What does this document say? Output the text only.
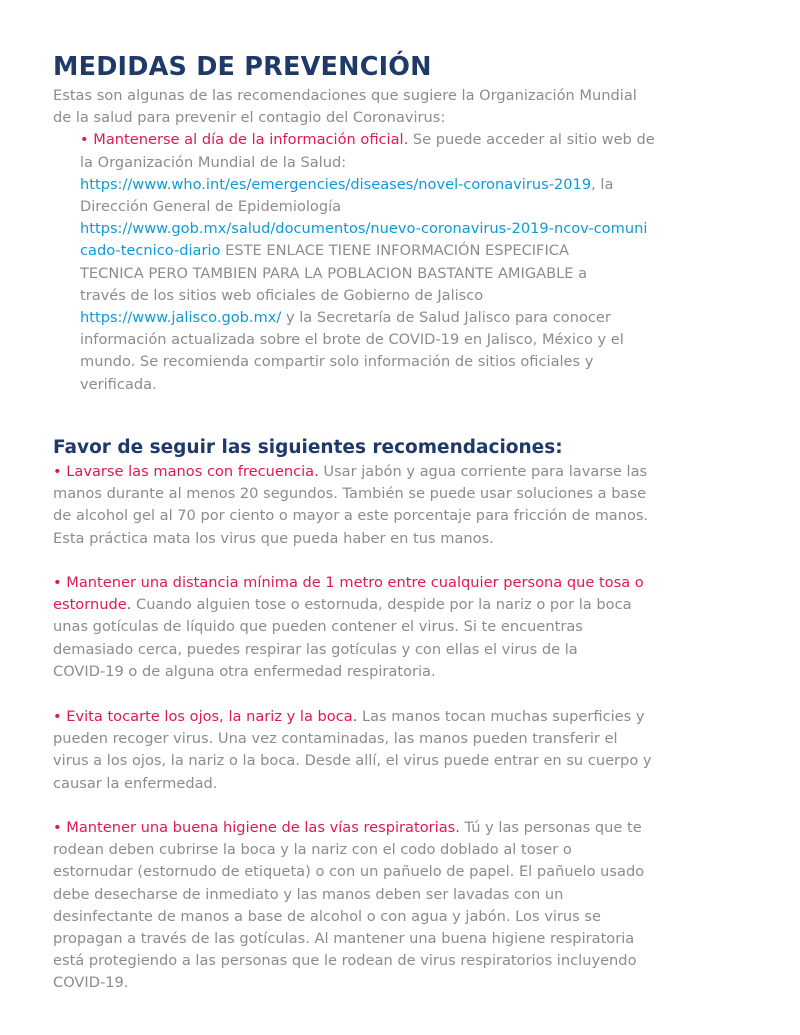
MEDIDAS DE PREVENCIÓN
Estas son algunas de las recomendaciones que sugiere la Organización Mundial
de la salud para prevenir el contagio del Coronavirus:
• Mantenerse al día de la información oficial. Se puede acceder al sitio web de
la Organización Mundial de la Salud:
https://www.who.int/es/emergencies/diseases/novel-coronavirus-2019, la
Dirección General de Epidemiología
https://www.gob.mx/salud/documentos/nuevo-coronavirus-2019-ncov-comuni
cado-tecnico-diario ESTE ENLACE TIENE INFORMACIÓN ESPECIFICA
TECNICA PERO TAMBIEN PARA LA POBLACION BASTANTE AMIGABLE a
través de los sitios web oficiales de Gobierno de Jalisco
https://www.jalisco.gob.mx/ y la Secretaría de Salud Jalisco para conocer
información actualizada sobre el brote de COVID-19 en Jalisco, México y el
mundo. Se recomienda compartir solo información de sitios oficiales y
verificada.
Favor de seguir las siguientes recomendaciones:
• Lavarse las manos con frecuencia. Usar jabón y agua corriente para lavarse las
manos durante al menos 20 segundos. También se puede usar soluciones a base
de alcohol gel al 70 por ciento o mayor a este porcentaje para fricción de manos.
Esta práctica mata los virus que pueda haber en tus manos.
• Mantener una distancia mínima de 1 metro entre cualquier persona que tosa o
estornude. Cuando alguien tose o estornuda, despide por la nariz o por la boca
unas gotículas de líquido que pueden contener el virus. Si te encuentras
demasiado cerca, puedes respirar las gotículas y con ellas el virus de la
COVID-19 o de alguna otra enfermedad respiratoria.
• Evita tocarte los ojos, la nariz y la boca. Las manos tocan muchas superficies y
pueden recoger virus. Una vez contaminadas, las manos pueden transferir el
virus a los ojos, la nariz o la boca. Desde allí, el virus puede entrar en su cuerpo y
causar la enfermedad.
• Mantener una buena higiene de las vías respiratorias. Tú y las personas que te
rodean deben cubrirse la boca y la nariz con el codo doblado al toser o
estornudar (estornudo de etiqueta) o con un pañuelo de papel. El pañuelo usado
debe desecharse de inmediato y las manos deben ser lavadas con un
desinfectante de manos a base de alcohol o con agua y jabón. Los virus se
propagan a través de las gotículas. Al mantener una buena higiene respiratoria
está protegiendo a las personas que le rodean de virus respiratorios incluyendo
COVID-19.
